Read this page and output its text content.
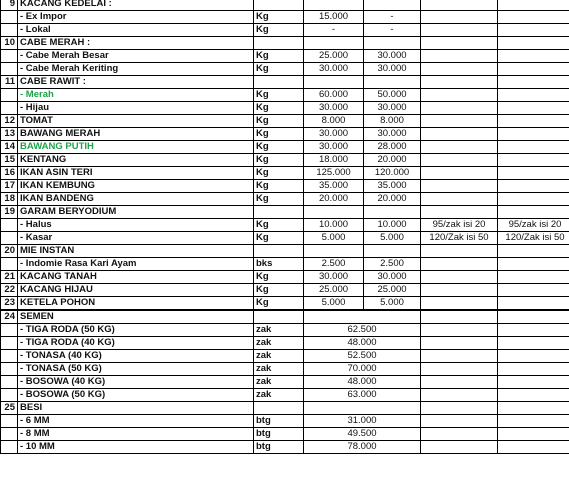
9	KACANG KEDELAI :					
	- Ex Impor	Kg	15.000	-		
	- Lokal	Kg	-	-		
10	CABE MERAH :					
	- Cabe Merah Besar	Kg	25.000	30.000		
	- Cabe Merah Keriting	Kg	30.000	30.000		
11	CABE RAWIT :					
	- Merah	Kg	60.000	50.000		
	- Hijau	Kg	30.000	30.000		
12	TOMAT	Kg	8.000	8.000		
13	BAWANG MERAH	Kg	30.000	30.000		
14	BAWANG PUTIH	Kg	30.000	28.000		
15	KENTANG	Kg	18.000	20.000		
16	IKAN ASIN TERI	Kg	125.000	120.000		
17	IKAN KEMBUNG	Kg	35.000	35.000		
18	IKAN BANDENG	Kg	20.000	20.000		
19	GARAM BERYODIUM					
	- Halus	Kg	10.000	10.000	95/zak isi 20	95/zak isi 20
	- Kasar	Kg	5.000	5.000	120/Zak isi 50	120/Zak isi 50
20	MIE INSTAN					
	- Indomie Rasa Kari Ayam	bks	2.500	2.500		
21	KACANG TANAH	Kg	30.000	30.000		
22	KACANG HIJAU	Kg	25.000	25.000		
23	KETELA POHON	Kg	5.000	5.000		
24	SEMEN					
	- TIGA RODA (50 KG)	zak	62.500			
	- TIGA RODA (40 KG)	zak	48.000			
	- TONASA (40 KG)	zak	52.500			
	- TONASA (50 KG)	zak	70.000			
	- BOSOWA (40 KG)	zak	48.000			
	- BOSOWA (50 KG)	zak	63.000			
25	BESI					
	- 6 MM	btg	31.000			
	- 8 MM	btg	49.500			
	- 10 MM	btg	78.000			
